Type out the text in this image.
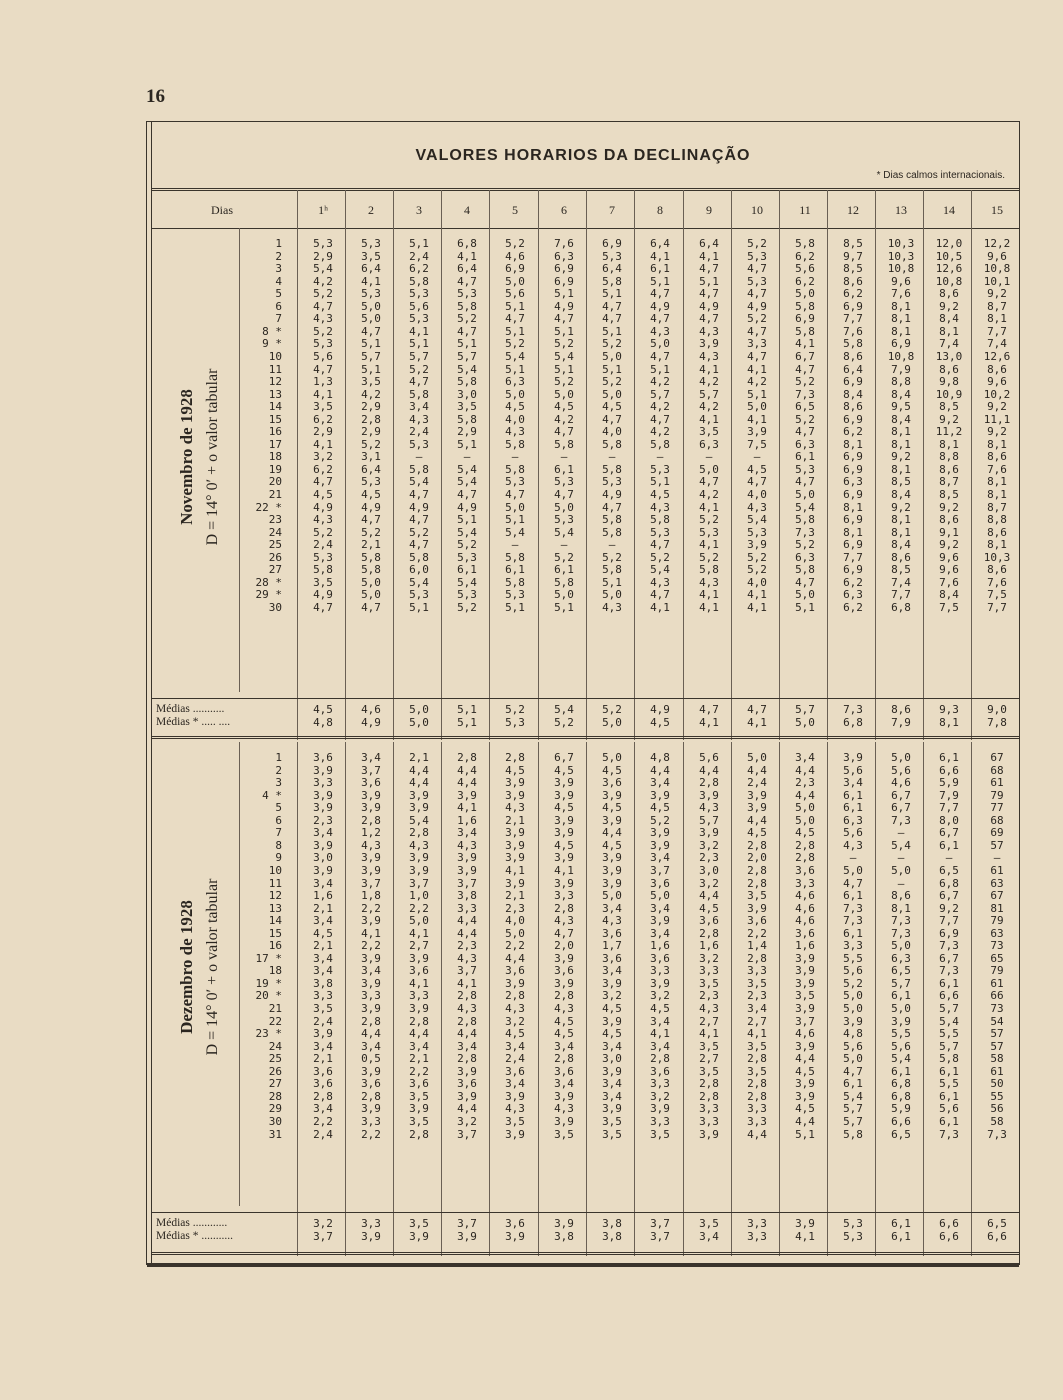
16
VALORES HORARIOS DA DECLINAÇÃO
* Dias calmos internacionais.
Dias	1ʰ	2	3	4	5	6	7	8	9	10	11	12	13	14	15
Novembro de 1928 D = 14° 0′ + o valor tabular
1	5,3	5,3	5,1	6,8	5,2	7,6	6,9	6,4	6,4	5,2	5,8	8,5	10,3	12,0	12,2
2	2,9	3,5	2,4	4,1	4,6	6,3	5,3	4,1	4,1	5,3	6,2	9,7	10,3	10,5	9,6
3	5,4	6,4	6,2	6,4	6,9	6,9	6,4	6,1	4,7	4,7	5,6	8,5	10,8	12,6	10,8
4	4,2	4,1	5,8	4,7	5,0	6,9	5,8	5,1	5,1	5,3	6,2	8,6	9,6	10,8	10,1
5	5,2	5,3	5,3	5,3	5,6	5,1	5,1	4,7	4,7	4,7	5,0	6,2	7,6	8,6	9,2
6	4,7	5,0	5,6	5,8	5,1	4,9	4,7	4,9	4,9	4,9	5,8	6,9	8,1	9,2	8,7
7	4,3	5,0	5,3	5,2	4,7	4,7	4,7	4,7	4,7	5,2	6,9	7,7	8,1	8,4	8,1
8 *	5,2	4,7	4,1	4,7	5,1	5,1	5,1	4,3	4,3	4,7	5,8	7,6	8,1	8,1	7,7
9 *	5,3	5,1	5,1	5,1	5,2	5,2	5,2	5,0	3,9	3,3	4,1	5,8	6,9	7,4	7,4
10	5,6	5,7	5,7	5,7	5,4	5,4	5,0	4,7	4,3	4,7	6,7	8,6	10,8	13,0	12,6
11	4,7	5,1	5,2	5,4	5,1	5,1	5,1	5,1	4,1	4,1	4,7	6,4	7,9	8,6	8,6
12	1,3	3,5	4,7	5,8	6,3	5,2	5,2	4,2	4,2	4,2	5,2	6,9	8,8	9,8	9,6
13	4,1	4,2	5,8	3,0	5,0	5,0	5,0	5,7	5,7	5,1	7,3	8,4	8,4	10,9	10,2
14	3,5	2,9	3,4	3,5	4,5	4,5	4,5	4,2	4,2	5,0	6,5	8,6	9,5	8,5	9,2
15	6,2	2,8	4,3	5,8	4,0	4,2	4,7	4,7	4,1	4,1	5,2	6,9	8,4	9,2	11,1
16	2,9	2,9	2,4	2,9	4,3	4,7	4,0	4,2	3,5	3,9	4,7	6,2	8,1	11,2	9,2
17	4,1	5,2	5,3	5,1	5,8	5,8	5,8	5,8	6,3	7,5	6,3	8,1	8,1	8,1	8,1
18	3,2	3,1	—	—	—	—	—	—	—	—	6,1	6,9	9,2	8,8	8,6
19	6,2	6,4	5,8	5,4	5,8	6,1	5,8	5,3	5,0	4,5	5,3	6,9	8,1	8,6	7,6
20	4,7	5,3	5,4	5,4	5,3	5,3	5,3	5,1	4,7	4,7	4,7	6,3	8,5	8,7	8,1
21	4,5	4,5	4,7	4,7	4,7	4,7	4,9	4,5	4,2	4,0	5,0	6,9	8,4	8,5	8,1
22 *	4,9	4,9	4,9	4,9	5,0	5,0	4,7	4,3	4,1	4,3	5,4	8,1	9,2	9,2	8,7
23	4,3	4,7	4,7	5,1	5,1	5,3	5,8	5,8	5,2	5,4	5,8	6,9	8,1	8,6	8,8
24	5,2	5,2	5,2	5,4	5,4	5,4	5,8	5,3	5,3	5,3	7,3	8,1	8,1	9,1	8,6
25	2,4	2,1	4,7	5,2	—	—	—	4,7	4,1	3,9	5,2	6,9	8,4	9,2	8,1
26	5,3	5,8	5,8	5,3	5,8	5,2	5,2	5,2	5,2	5,2	6,3	7,7	8,6	9,6	10,3
27	5,8	5,8	6,0	6,1	6,1	6,1	5,8	5,4	5,8	5,2	5,8	6,9	8,5	9,6	8,6
28 *	3,5	5,0	5,4	5,4	5,8	5,8	5,1	4,3	4,3	4,0	4,7	6,2	7,4	7,6	7,6
29 *	4,9	5,0	5,3	5,3	5,3	5,0	5,0	4,7	4,1	4,1	5,0	6,3	7,7	8,4	7,5
30	4,7	4,7	5,1	5,2	5,1	5,1	4,3	4,1	4,1	4,1	5,1	6,2	6,8	7,5	7,7
Médias ...........	4,5	4,6	5,0	5,1	5,2	5,4	5,2	4,9	4,7	4,7	5,7	7,3	8,6	9,3	9,0
Médias * ..... ....	4,8	4,9	5,0	5,1	5,3	5,2	5,0	4,5	4,1	4,1	5,0	6,8	7,9	8,1	7,8
Dezembro de 1928 D = 14° 0′ + o valor tabular
1	3,6	3,4	2,1	2,8	2,8	6,7	5,0	4,8	5,6	5,0	3,4	3,9	5,0	6,1	67
2	3,9	3,7	4,4	4,4	4,5	4,5	4,5	4,4	4,4	4,4	4,4	5,6	5,6	6,6	68
3	3,3	3,6	4,4	4,4	3,9	3,9	3,6	3,4	2,8	2,4	2,3	3,4	4,6	5,9	61
4 *	3,9	3,9	3,9	3,9	3,9	3,9	3,9	3,9	3,9	3,9	4,4	6,1	6,7	7,9	79
5	3,9	3,9	3,9	4,1	4,3	4,5	4,5	4,5	4,3	3,9	5,0	6,1	6,7	7,7	77
6	2,3	2,8	5,4	1,6	2,1	3,9	3,9	5,2	5,7	4,4	5,0	6,3	7,3	8,0	68
7	3,4	1,2	2,8	3,4	3,9	3,9	4,4	3,9	3,9	4,5	4,5	5,6	—	6,7	69
8	3,9	4,3	4,3	4,3	3,9	4,5	4,5	3,9	3,2	2,8	2,8	4,3	5,4	6,1	57
9	3,0	3,9	3,9	3,9	3,9	3,9	3,9	3,4	2,3	2,0	2,8	—	—	—	—
10	3,9	3,9	3,9	3,9	4,1	4,1	3,9	3,7	3,0	2,8	3,6	5,0	5,0	6,5	61
11	3,4	3,7	3,7	3,7	3,9	3,9	3,9	3,6	3,2	2,8	3,3	4,7	—	6,8	63
12	1,6	1,8	1,0	3,8	2,1	3,3	5,0	5,0	4,4	3,5	4,6	6,1	8,6	6,7	67
13	2,1	2,2	2,2	3,3	2,3	2,8	3,4	3,4	4,5	3,9	4,6	7,3	8,1	9,2	81
14	3,4	3,9	5,0	4,4	4,0	4,3	4,3	3,9	3,6	3,6	4,6	7,3	7,3	7,7	79
15	4,5	4,1	4,1	4,4	5,0	4,7	3,6	3,4	2,8	2,2	3,6	6,1	7,3	6,9	63
16	2,1	2,2	2,7	2,3	2,2	2,0	1,7	1,6	1,6	1,4	1,6	3,3	5,0	7,3	73
17 *	3,4	3,9	3,9	4,3	4,4	3,9	3,6	3,6	3,2	2,8	3,9	5,5	6,3	6,7	65
18	3,4	3,4	3,6	3,7	3,6	3,6	3,4	3,3	3,3	3,3	3,9	5,6	6,5	7,3	79
19 *	3,8	3,9	4,1	4,1	3,9	3,9	3,9	3,9	3,5	3,5	3,9	5,2	5,7	6,1	61
20 *	3,3	3,3	3,3	2,8	2,8	2,8	3,2	3,2	2,3	2,3	3,5	5,0	6,1	6,6	66
21	3,5	3,9	3,9	4,3	4,3	4,3	4,5	4,5	4,3	3,4	3,9	5,0	5,0	5,7	73
22	2,4	2,8	2,8	2,8	3,2	4,5	3,9	3,4	2,7	2,7	3,7	3,9	3,9	5,4	54
23 *	3,9	4,4	4,4	4,4	4,5	4,5	4,5	4,1	4,1	4,1	4,6	4,8	5,5	5,5	57
24	3,4	3,4	3,4	3,4	3,4	3,4	3,4	3,4	3,5	3,5	3,9	5,6	5,6	5,7	57
25	2,1	0,5	2,1	2,8	2,4	2,8	3,0	2,8	2,7	2,8	4,4	5,0	5,4	5,8	58
26	3,6	3,9	2,2	3,9	3,6	3,6	3,9	3,6	3,5	3,5	4,5	4,7	6,1	6,1	61
27	3,6	3,6	3,6	3,6	3,4	3,4	3,4	3,3	2,8	2,8	3,9	6,1	6,8	5,5	50
28	2,8	2,8	3,5	3,9	3,9	3,9	3,4	3,2	2,8	2,8	3,9	5,4	6,8	6,1	55
29	3,4	3,9	3,9	4,4	4,3	4,3	3,9	3,9	3,3	3,3	4,5	5,7	5,9	5,6	56
30	2,2	3,3	3,5	3,2	3,5	3,9	3,5	3,3	3,3	3,3	4,4	5,7	6,6	6,1	58
31	2,4	2,2	2,8	3,7	3,9	3,5	3,5	3,5	3,9	4,4	5,1	5,8	6,5	7,3	7,3
Médias ............	3,2	3,3	3,5	3,7	3,6	3,9	3,8	3,7	3,5	3,3	3,9	5,3	6,1	6,6	6,5
Médias * ...........	3,7	3,9	3,9	3,9	3,9	3,8	3,8	3,7	3,4	3,3	4,1	5,3	6,1	6,6	6,6
